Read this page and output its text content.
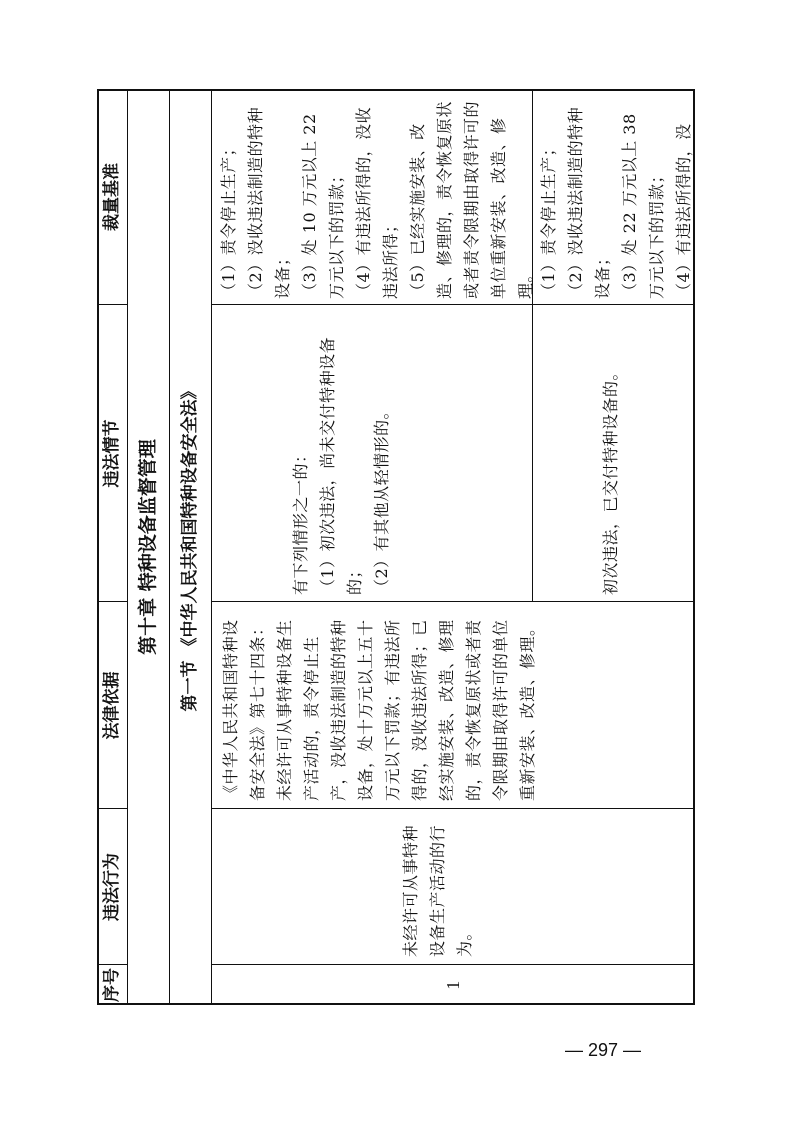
序号
违法行为
法律依据
违法情节
裁量基准
第十章 特种设备监督管理	第一节 《中华人民共和国特种设备安全法》
1
未经许可从事特种设备生产活动的行为。
《中华人民共和国特种设备安全法》第七十四条：未经许可从事特种设备生产活动的，责令停止生产，没收违法制造的特种设备，处十万元以上五十万元以下罚款；有违法所得的，没收违法所得；已经实施安装、改造、修理的，责令恢复原状或者责令限期由取得许可的单位重新安装、改造、修理。
有下列情形之一的： （1）初次违法，尚未交付特种设备的； （2）有其他从轻情形的。
（1）责令停止生产； （2）没收违法制造的特种设备； （3）处 10 万元以上 22 万元以下的罚款； （4）有违法所得的，没收违法所得； （5）已经实施安装、改造、修理的，责令恢复原状或者责令限期由取得许可的单位重新安装、改造、修理。
初次违法，已交付特种设备的。
（1）责令停止生产； （2）没收违法制造的特种设备； （3）处 22 万元以上 38 万元以下的罚款； （4）有违法所得的，没
— 297 —
